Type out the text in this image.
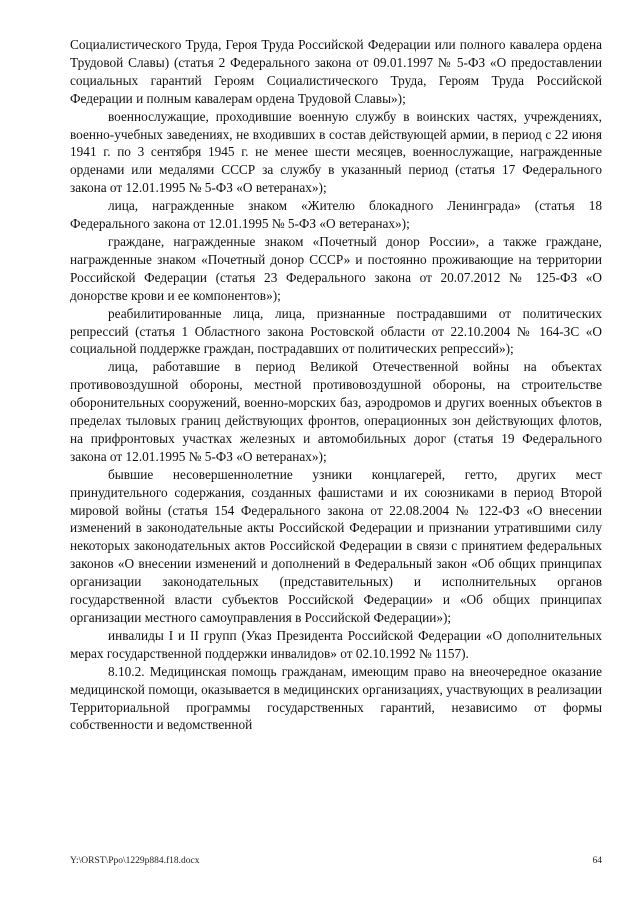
Социалистического Труда, Героя Труда Российской Федерации или полного кавалера ордена Трудовой Славы) (статья 2 Федерального закона от 09.01.1997 № 5-ФЗ «О предоставлении социальных гарантий Героям Социалистического Труда, Героям Труда Российской Федерации и полным кавалерам ордена Трудовой Славы»);

военнослужащие, проходившие военную службу в воинских частях, учреждениях, военно-учебных заведениях, не входивших в состав действующей армии, в период с 22 июня 1941 г. по 3 сентября 1945 г. не менее шести месяцев, военнослужащие, награжденные орденами или медалями СССР за службу в указанный период (статья 17 Федерального закона от 12.01.1995 № 5-ФЗ «О ветеранах»);

лица, награжденные знаком «Жителю блокадного Ленинграда» (статья 18 Федерального закона от 12.01.1995 № 5-ФЗ «О ветеранах»);

граждане, награжденные знаком «Почетный донор России», а также граждане, награжденные знаком «Почетный донор СССР» и постоянно проживающие на территории Российской Федерации (статья 23 Федерального закона от 20.07.2012 № 125-ФЗ «О донорстве крови и ее компонентов»);

реабилитированные лица, лица, признанные пострадавшими от политических репрессий (статья 1 Областного закона Ростовской области от 22.10.2004 № 164-ЗС «О социальной поддержке граждан, пострадавших от политических репрессий»);

лица, работавшие в период Великой Отечественной войны на объектах противовоздушной обороны, местной противовоздушной обороны, на строительстве оборонительных сооружений, военно-морских баз, аэродромов и других военных объектов в пределах тыловых границ действующих фронтов, операционных зон действующих флотов, на прифронтовых участках железных и автомобильных дорог (статья 19 Федерального закона от 12.01.1995 № 5-ФЗ «О ветеранах»);

бывшие несовершеннолетние узники концлагерей, гетто, других мест принудительного содержания, созданных фашистами и их союзниками в период Второй мировой войны (статья 154 Федерального закона от 22.08.2004 № 122-ФЗ «О внесении изменений в законодательные акты Российской Федерации и признании утратившими силу некоторых законодательных актов Российской Федерации в связи с принятием федеральных законов «О внесении изменений и дополнений в Федеральный закон «Об общих принципах организации законодательных (представительных) и исполнительных органов государственной власти субъектов Российской Федерации» и «Об общих принципах организации местного самоуправления в Российской Федерации»);

инвалиды I и II групп (Указ Президента Российской Федерации «О дополнительных мерах государственной поддержки инвалидов» от 02.10.1992 № 1157).

8.10.2. Медицинская помощь гражданам, имеющим право на внеочередное оказание медицинской помощи, оказывается в медицинских организациях, участвующих в реализации Территориальной программы государственных гарантий, независимо от формы собственности и ведомственной

Y:\ORST\Ppo\1229p884.f18.docx	64
